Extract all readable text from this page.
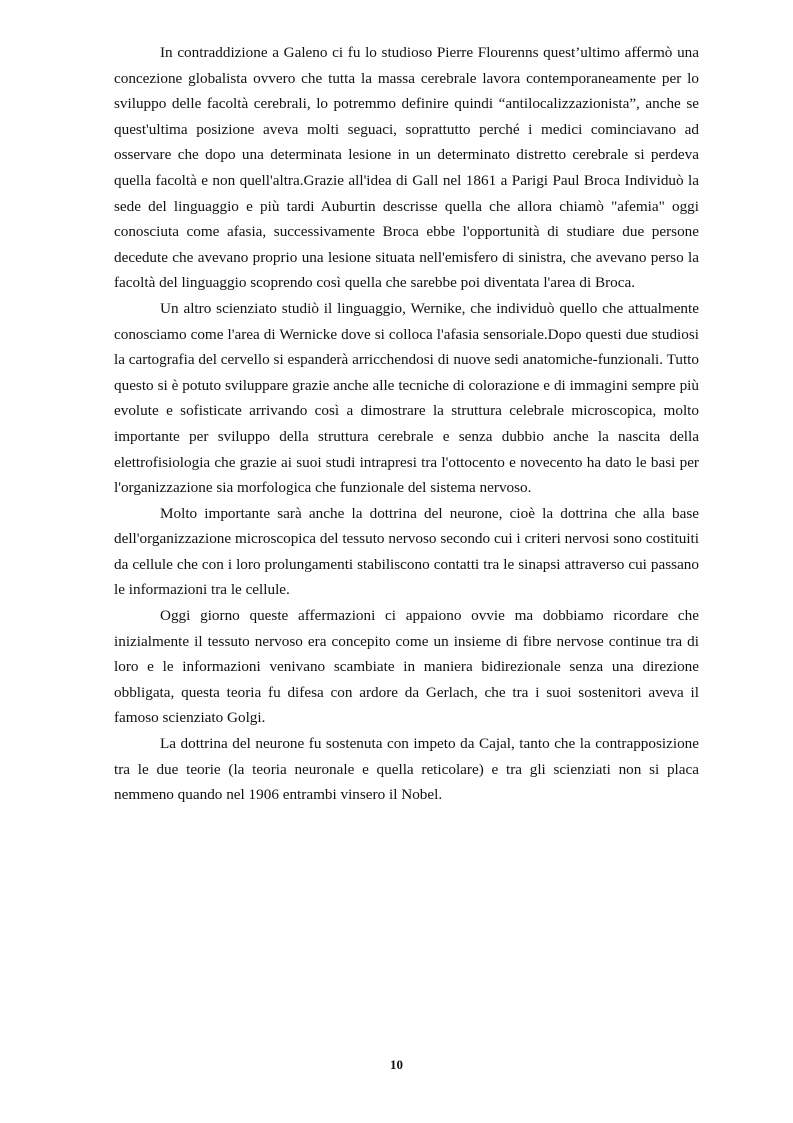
In contraddizione a Galeno ci fu lo studioso Pierre Flourenns quest’ultimo affermò una concezione globalista ovvero che tutta la massa cerebrale lavora contemporaneamente per lo sviluppo delle facoltà cerebrali, lo potremmo definire quindi “antilocalizzazionista”, anche se quest'ultima posizione aveva molti seguaci, soprattutto perché i medici cominciavano ad osservare che dopo una determinata lesione in un determinato distretto cerebrale si perdeva quella facoltà e non quell'altra.Grazie all'idea di Gall nel 1861 a Parigi Paul Broca Individuò la sede del linguaggio e più tardi Auburtin descrisse quella che allora chiamò "afemia" oggi conosciuta come afasia, successivamente Broca ebbe l'opportunità di studiare due persone decedute che avevano proprio una lesione situata nell'emisfero di sinistra, che avevano perso la facoltà del linguaggio scoprendo così quella che sarebbe poi diventata l'area di Broca.

Un altro scienziato studiò il linguaggio, Wernike, che individuò quello che attualmente conosciamo come l'area di Wernicke dove si colloca l'afasia sensoriale.Dopo questi due studiosi la cartografia del cervello si espanderà arricchendosi di nuove sedi anatomiche-funzionali. Tutto questo si è potuto sviluppare grazie anche alle tecniche di colorazione e di immagini sempre più evolute e sofisticate arrivando così a dimostrare la struttura celebrale microscopica, molto importante per sviluppo della struttura cerebrale e senza dubbio anche la nascita della elettrofisiologia che grazie ai suoi studi intrapresi tra l'ottocento e novecento ha dato le basi per l'organizzazione sia morfologica che funzionale del sistema nervoso.

Molto importante sarà anche la dottrina del neurone, cioè la dottrina che alla base dell'organizzazione microscopica del tessuto nervoso secondo cui i criteri nervosi sono costituiti da cellule che con i loro prolungamenti stabiliscono contatti tra le sinapsi attraverso cui passano le informazioni tra le cellule.

Oggi giorno queste affermazioni ci appaiono ovvie ma dobbiamo ricordare che inizialmente il tessuto nervoso era concepito come un insieme di fibre nervose continue tra di loro e le informazioni venivano scambiate in maniera bidirezionale senza una direzione obbligata, questa teoria fu difesa con ardore da Gerlach, che tra i suoi sostenitori aveva il famoso scienziato Golgi.

La dottrina del neurone fu sostenuta con impeto da Cajal, tanto che la contrapposizione tra le due teorie (la teoria neuronale e quella reticolare) e tra gli scienziati non si placa nemmeno quando nel 1906 entrambi vinsero il Nobel.

10
